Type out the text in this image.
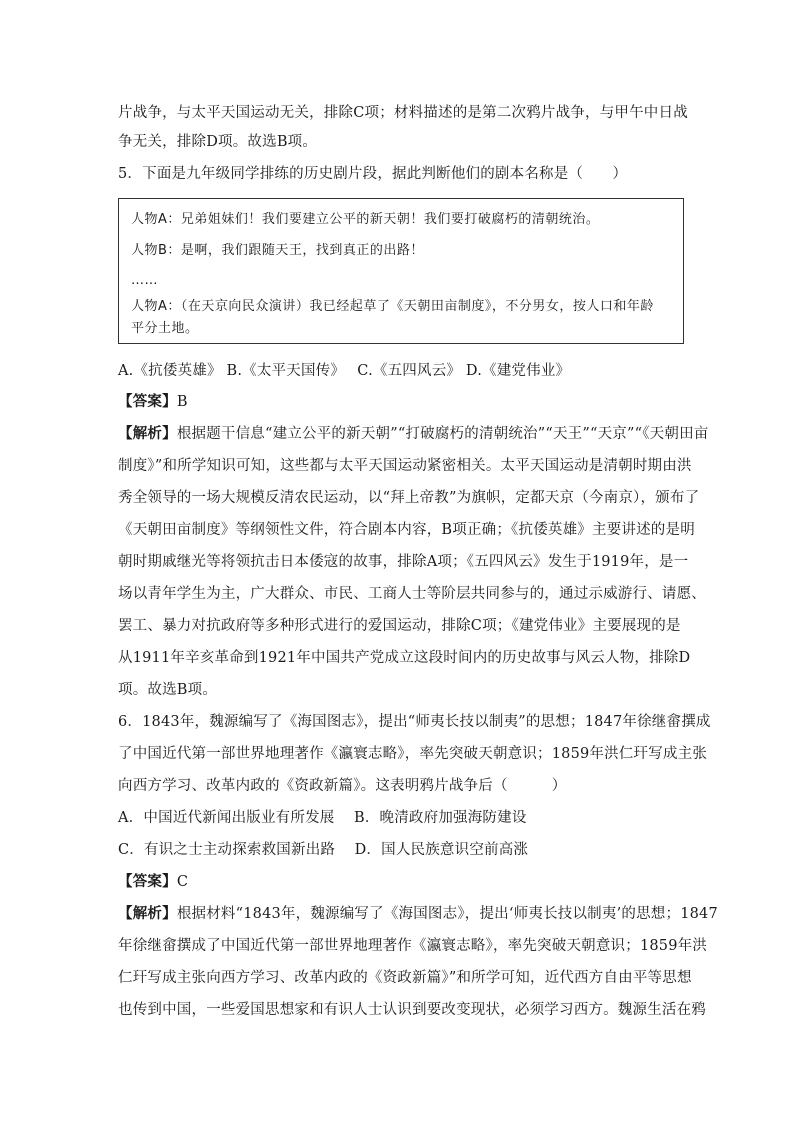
片战争，与太平天国运动无关，排除C项；材料描述的是第二次鸦片战争，与甲午中日战
争无关，排除D项。故选B项。
5．下面是九年级同学排练的历史剧片段，据此判断他们的剧本名称是（　　）
人物A：兄弟姐妹们！我们要建立公平的新天朝！我们要打破腐朽的清朝统治。
人物B：是啊，我们跟随天王，找到真正的出路！
……
人物A：（在天京向民众演讲）我已经起草了《天朝田亩制度》，不分男女，按人口和年龄
平分土地。
A.《抗倭英雄》 B.《太平天国传》　 C.《五四风云》 D.《建党伟业》
【答案】B
【解析】根据题干信息“建立公平的新天朝”“打破腐朽的清朝统治”“天王”“天京”“《天朝田亩
制度》”和所学知识可知，这些都与太平天国运动紧密相关。太平天国运动是清朝时期由洪
秀全领导的一场大规模反清农民运动，以“拜上帝教”为旗帜，定都天京（今南京），颁布了
《天朝田亩制度》等纲领性文件，符合剧本内容，B项正确；《抗倭英雄》主要讲述的是明
朝时期戚继光等将领抗击日本倭寇的故事，排除A项；《五四风云》发生于1919年，是一
场以青年学生为主，广大群众、市民、工商人士等阶层共同参与的，通过示威游行、请愿、
罢工、暴力对抗政府等多种形式进行的爱国运动，排除C项；《建党伟业》主要展现的是
从1911年辛亥革命到1921年中国共产党成立这段时间内的历史故事与风云人物，排除D
项。故选B项。
6．1843年，魏源编写了《海国图志》，提出“师夷长技以制夷”的思想；1847年徐继畲撰成
了中国近代第一部世界地理著作《瀛寰志略》，率先突破天朝意识；1859年洪仁玕写成主张
向西方学习、改革内政的《资政新篇》。这表明鸦片战争后（　　　）
A．中国近代新闻出版业有所发展　 B．晚清政府加强海防建设
C．有识之士主动探索救国新出路　 D．国人民族意识空前高涨
【答案】C
【解析】根据材料“1843年，魏源编写了《海国图志》，提出‘师夷长技以制夷’的思想；1847
年徐继畲撰成了中国近代第一部世界地理著作《瀛寰志略》，率先突破天朝意识；1859年洪
仁玕写成主张向西方学习、改革内政的《资政新篇》”和所学可知，近代西方自由平等思想
也传到中国，一些爱国思想家和有识人士认识到要改变现状，必须学习西方。魏源生活在鸦
